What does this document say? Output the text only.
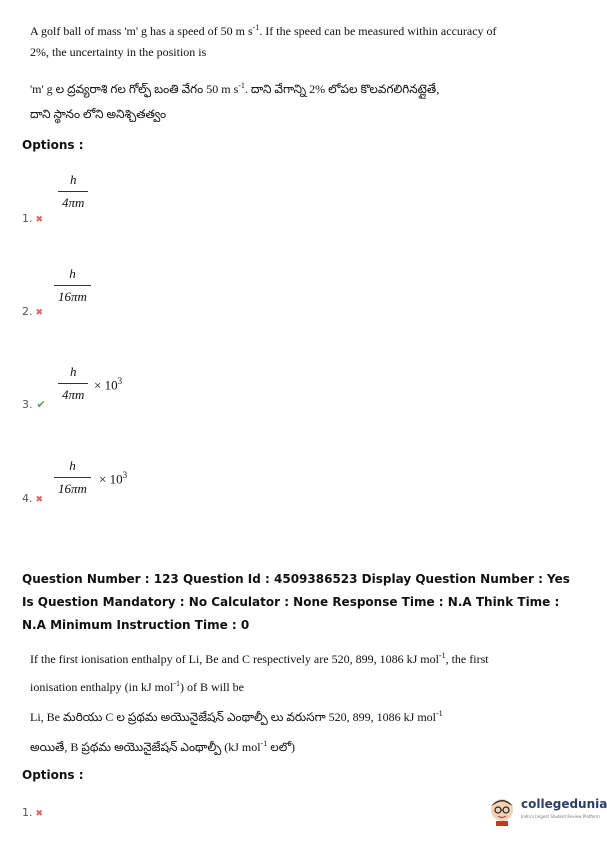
A golf ball of mass 'm' g has a speed of 50 m $s^{-1}$. If the speed can be measured within accuracy of
2%, the uncertainty in the position is
'm' g ల ద్రవ్యరాశి గల గోల్ఫ్ బంతి వేగం 50 m $s^{-1}$. దాని వేగాన్ని 2% లోపల కొలవగలిగినట్లైతే,
దాని స్థానం లోని అనిశ్చితత్వం
Options :
h
4πm
1. ✖
h
16πm
2. ✖
h
4πm
× $10^3$
3. ✔
h
16πm
× $10^3$
4. ✖
Question Number : 123 Question Id : 4509386523 Display Question Number : Yes Is Question Mandatory : No Calculator : None Response Time : N.A Think Time : N.A Minimum Instruction Time : 0
If the first ionisation enthalpy of Li, Be and C respectively are 520, 899, 1086 kJ mol$^{-1}$, the first
ionisation enthalpy (in kJ mol$^{-1}$) of B will be
Li, Be మరియు C ల ప్రథమ అయొనైజేషన్ ఎంథాల్పీ లు వరుసగా 520, 899, 1086 kJ mol$^{-1}$
అయితే, B ప్రథమ అయొనైజేషన్ ఎంథాల్పీ (kJ mol$^{-1}$ లలో)
Options :
1. ✖
collegedunia
India's largest Student Review Platform
